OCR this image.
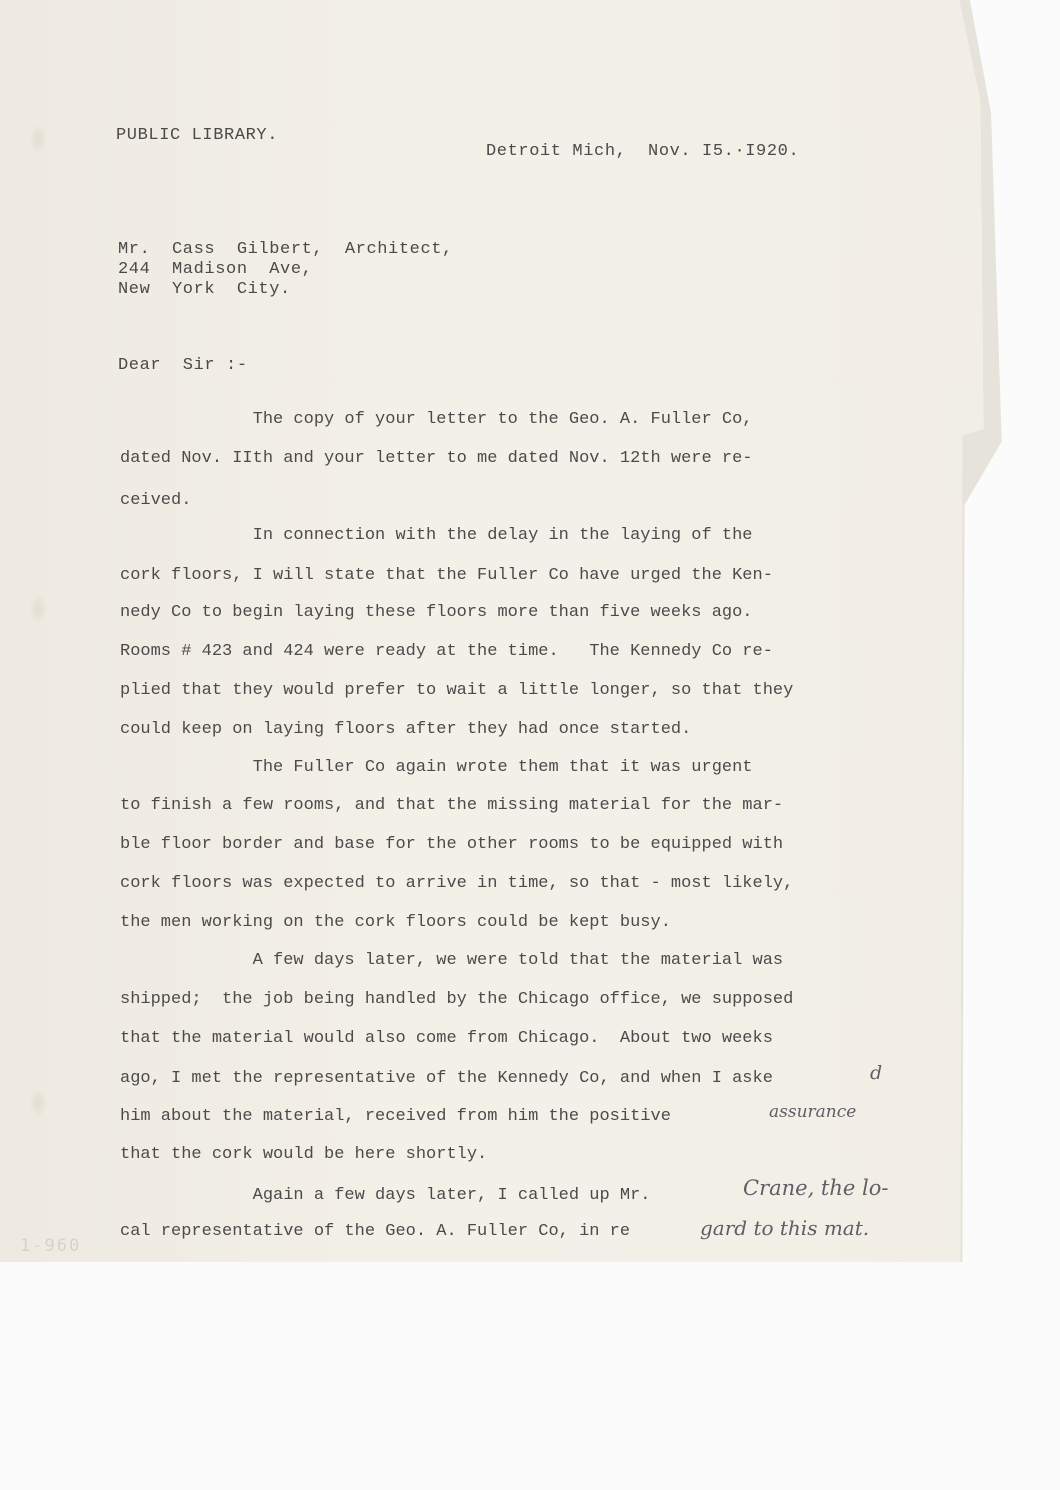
PUBLIC LIBRARY.
Detroit Mich,  Nov. I5.·I920.
Mr.  Cass  Gilbert,  Architect,
244  Madison  Ave,
New  York  City.
Dear  Sir :-
The copy of your letter to the Geo. A. Fuller Co,
dated Nov. IIth and your letter to me dated Nov. 12th were re-
ceived.
In connection with the delay in the laying of the
cork floors, I will state that the Fuller Co have urged the Ken-
nedy Co to begin laying these floors more than five weeks ago.
Rooms # 423 and 424 were ready at the time.   The Kennedy Co re-
plied that they would prefer to wait a little longer, so that they
could keep on laying floors after they had once started.
The Fuller Co again wrote them that it was urgent
to finish a few rooms, and that the missing material for the mar-
ble floor border and base for the other rooms to be equipped with
cork floors was expected to arrive in time, so that - most likely,
the men working on the cork floors could be kept busy.
A few days later, we were told that the material was
shipped;  the job being handled by the Chicago office, we supposed
that the material would also come from Chicago.  About two weeks
ago, I met the representative of the Kennedy Co, and when I aske
him about the material, received from him the positive
that the cork would be here shortly.
Again a few days later, I called up Mr.
cal representative of the Geo. A. Fuller Co, in re
d
assurance
Crane, the lo-
gard to this mat.
1-960
